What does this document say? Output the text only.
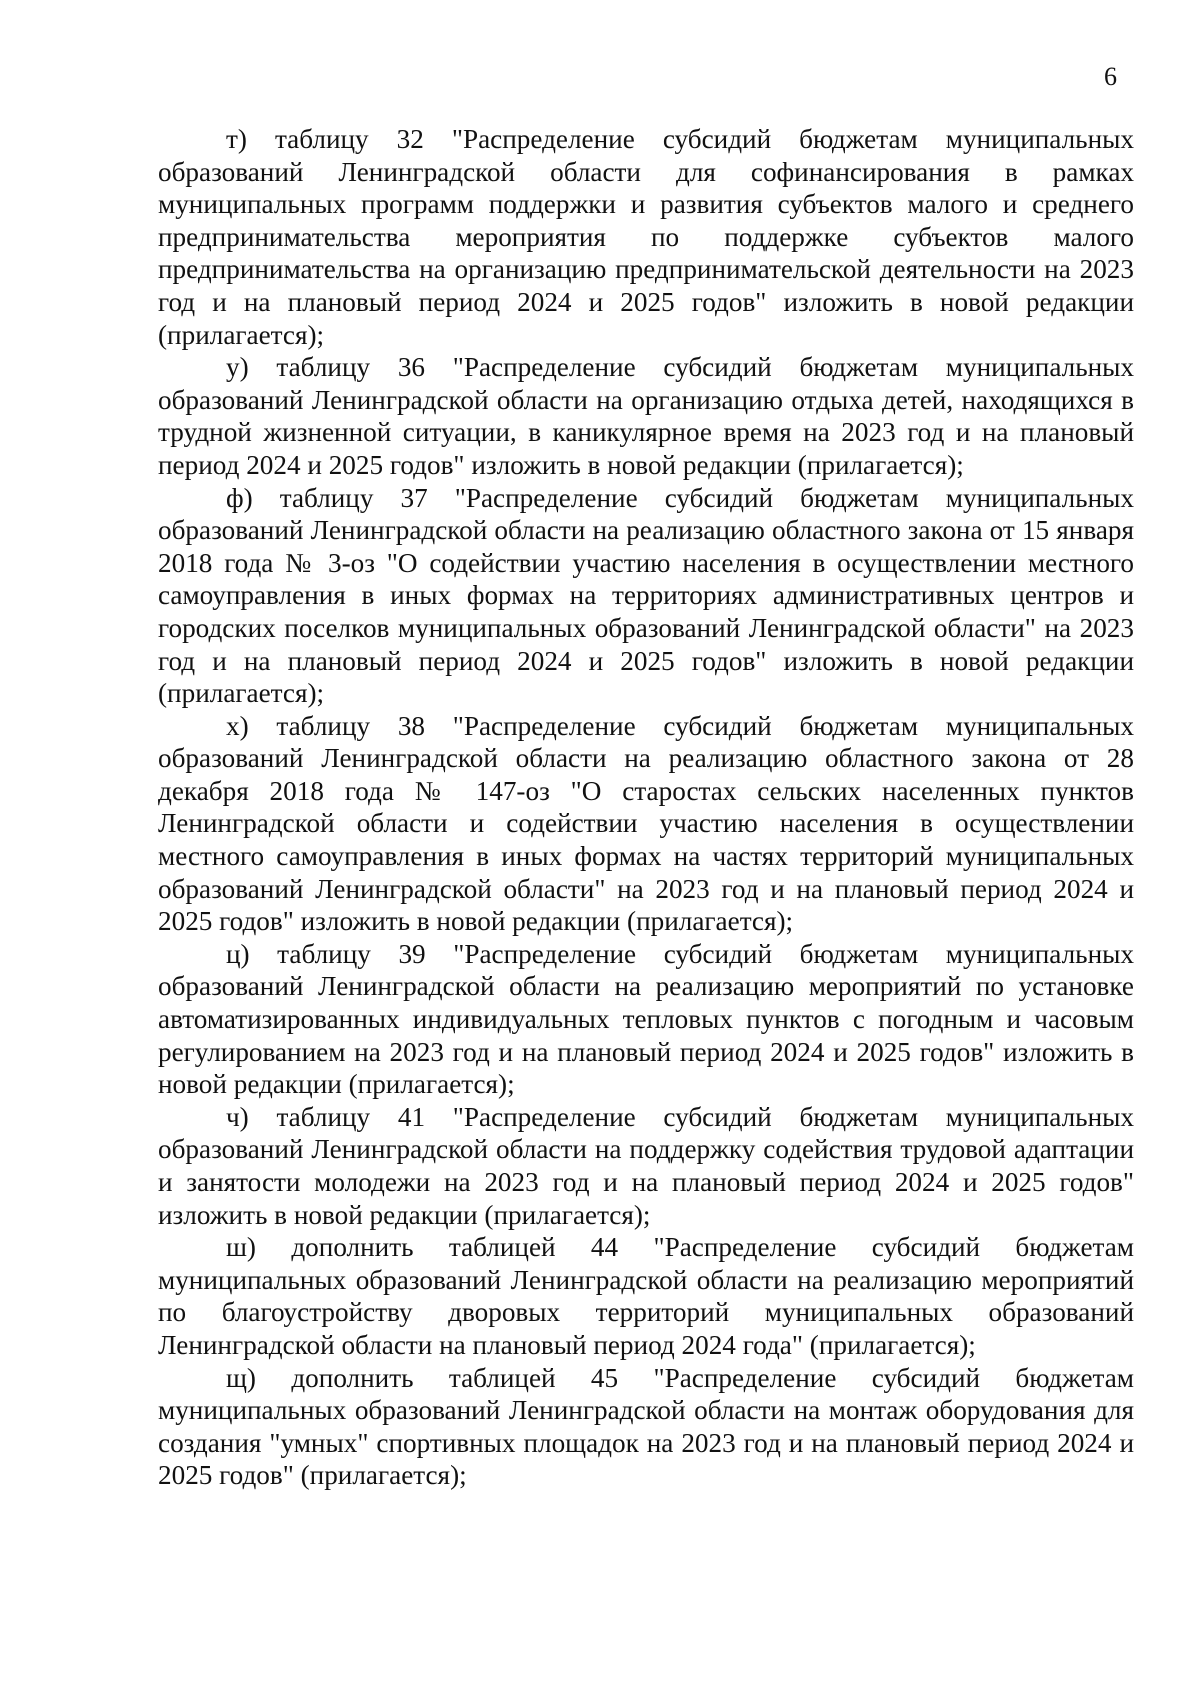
6

т) таблицу 32 "Распределение субсидий бюджетам муниципальных образований Ленинградской области для софинансирования в рамках муниципальных программ поддержки и развития субъектов малого и среднего предпринимательства мероприятия по поддержке субъектов малого предпринимательства на организацию предпринимательской деятельности на 2023 год и на плановый период 2024 и 2025 годов" изложить в новой редакции (прилагается);

у) таблицу 36 "Распределение субсидий бюджетам муниципальных образований Ленинградской области на организацию отдыха детей, находящихся в трудной жизненной ситуации, в каникулярное время на 2023 год и на плановый период 2024 и 2025 годов" изложить в новой редакции (прилагается);

ф) таблицу 37 "Распределение субсидий бюджетам муниципальных образований Ленинградской области на реализацию областного закона от 15 января 2018 года № 3-оз "О содействии участию населения в осуществлении местного самоуправления в иных формах на территориях административных центров и городских поселков муниципальных образований Ленинградской области" на 2023 год и на плановый период 2024 и 2025 годов" изложить в новой редакции (прилагается);

х) таблицу 38 "Распределение субсидий бюджетам муниципальных образований Ленинградской области на реализацию областного закона от 28 декабря 2018 года № 147-оз "О старостах сельских населенных пунктов Ленинградской области и содействии участию населения в осуществлении местного самоуправления в иных формах на частях территорий муниципальных образований Ленинградской области" на 2023 год и на плановый период 2024 и 2025 годов" изложить в новой редакции (прилагается);

ц) таблицу 39 "Распределение субсидий бюджетам муниципальных образований Ленинградской области на реализацию мероприятий по установке автоматизированных индивидуальных тепловых пунктов с погодным и часовым регулированием на 2023 год и на плановый период 2024 и 2025 годов" изложить в новой редакции (прилагается);

ч) таблицу 41 "Распределение субсидий бюджетам муниципальных образований Ленинградской области на поддержку содействия трудовой адаптации и занятости молодежи на 2023 год и на плановый период 2024 и 2025 годов" изложить в новой редакции (прилагается);

ш) дополнить таблицей 44 "Распределение субсидий бюджетам муниципальных образований Ленинградской области на реализацию мероприятий по благоустройству дворовых территорий муниципальных образований Ленинградской области на плановый период 2024 года" (прилагается);

щ) дополнить таблицей 45 "Распределение субсидий бюджетам муниципальных образований Ленинградской области на монтаж оборудования для создания "умных" спортивных площадок на 2023 год и на плановый период 2024 и 2025 годов" (прилагается);
